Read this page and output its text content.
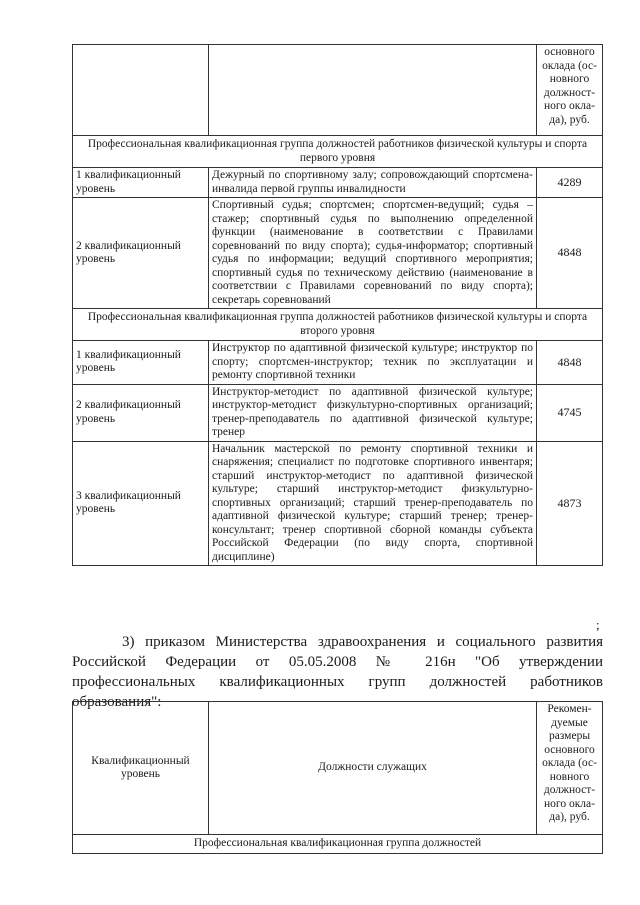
		основного оклада (ос- новного должност- ного окла- да), руб.
Профессиональная квалификационная группа должностей работников физической культуры и спорта первого уровня		
1 квалификационный уровень	Дежурный по спортивному залу; сопровождающий спортсмена-инвалида первой группы инвалидности	4289
2 квалификационный уровень	Спортивный судья; спортсмен; спортсмен-ведущий; судья – стажер; спортивный судья по выполнению определенной функции (наименование в соответствии с Правилами соревнований по виду спорта); судья-информатор; спортивный судья по информации; ведущий спортивного мероприятия; спортивный судья по техническому действию (наименование в соответствии с Правилами соревнований по виду спорта); секретарь соревнований	4848
Профессиональная квалификационная группа должностей работников физической культуры и спорта второго уровня		
1 квалификационный уровень	Инструктор по адаптивной физической культуре; инструктор по спорту; спортсмен-инструктор; техник по эксплуатации и ремонту спортивной техники	4848
2 квалификационный уровень	Инструктор-методист по адаптивной физической культуре; инструктор-методист физкультурно-спортивных организаций; тренер-преподаватель по адаптивной физической культуре; тренер	4745
3 квалификационный уровень	Начальник мастерской по ремонту спортивной техники и снаряжения; специалист по подготовке спортивного инвентаря; старший инструктор-методист по адаптивной физической культуре; старший инструктор-методист физкультурно-спортивных организаций; старший тренер-преподаватель по адаптивной физической культуре; старший тренер; тренер-консультант; тренер спортивной сборной команды субъекта Российской Федерации (по виду спорта, спортивной дисциплине)	4873
;
3) приказом Министерства здравоохранения и социального развития Российской Федерации от 05.05.2008 № 216н "Об утверждении профессиональных квалификационных групп должностей работников образования":
Квалификационный уровень	Должности служащих	Рекомен- дуемые размеры основного оклада (ос- новного должност- ного окла- да), руб.
Профессиональная квалификационная группа должностей
